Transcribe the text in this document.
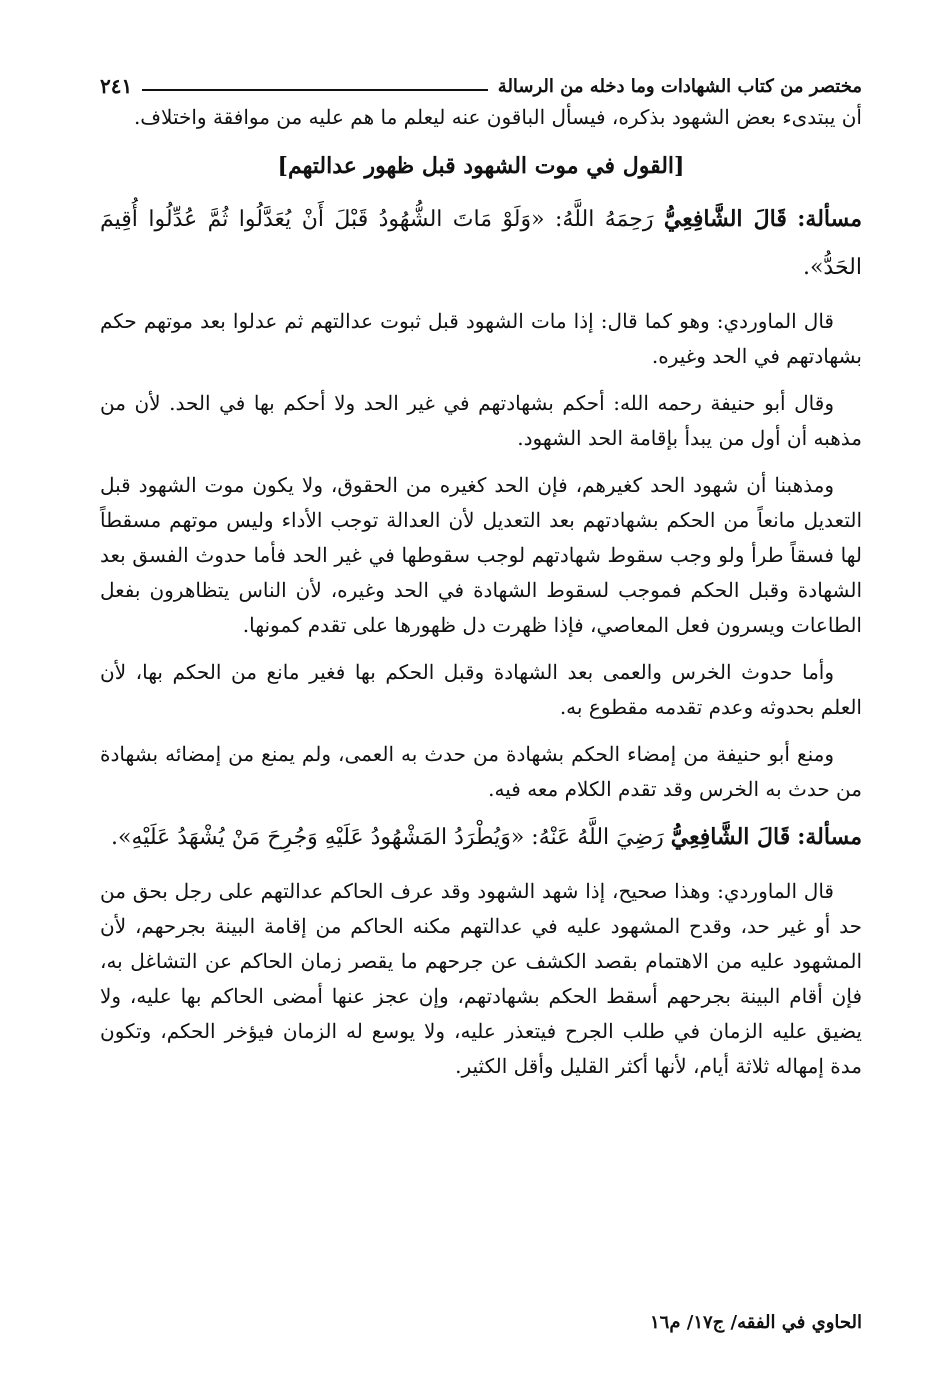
مختصر من كتاب الشهادات وما دخله من الرسالة
٢٤١

أن يبتدىء بعض الشهود بذكره، فيسأل الباقون عنه ليعلم ما هم عليه من موافقة واختلاف.

[القول في موت الشهود قبل ظهور عدالتهم]

مسألة: قَالَ الشَّافِعِيُّ رَحِمَهُ اللَّهُ: «وَلَوْ مَاتَ الشُّهُودُ قَبْلَ أَنْ يُعَدَّلُوا ثُمَّ عُدِّلُوا أُقِيمَ الحَدُّ».

قال الماوردي: وهو كما قال: إذا مات الشهود قبل ثبوت عدالتهم ثم عدلوا بعد موتهم حكم بشهادتهم في الحد وغيره.

وقال أبو حنيفة رحمه الله: أحكم بشهادتهم في غير الحد ولا أحكم بها في الحد. لأن من مذهبه أن أول من يبدأ بإقامة الحد الشهود.

ومذهبنا أن شهود الحد كغيرهم، فإن الحد كغيره من الحقوق، ولا يكون موت الشهود قبل التعديل مانعاً من الحكم بشهادتهم بعد التعديل لأن العدالة توجب الأداء وليس موتهم مسقطاً لها فسقاً طرأ ولو وجب سقوط شهادتهم لوجب سقوطها في غير الحد فأما حدوث الفسق بعد الشهادة وقبل الحكم فموجب لسقوط الشهادة في الحد وغيره، لأن الناس يتظاهرون بفعل الطاعات ويسرون فعل المعاصي، فإذا ظهرت دل ظهورها على تقدم كمونها.

وأما حدوث الخرس والعمى بعد الشهادة وقبل الحكم بها فغير مانع من الحكم بها، لأن العلم بحدوثه وعدم تقدمه مقطوع به.

ومنع أبو حنيفة من إمضاء الحكم بشهادة من حدث به العمى، ولم يمنع من إمضائه بشهادة من حدث به الخرس وقد تقدم الكلام معه فيه.

مسألة: قَالَ الشَّافِعِيُّ رَضِيَ اللَّهُ عَنْهُ: «وَيُطْرَدُ المَشْهُودُ عَلَيْهِ وَجُرِحَ مَنْ يُشْهَدُ عَلَيْهِ».

قال الماوردي: وهذا صحيح، إذا شهد الشهود وقد عرف الحاكم عدالتهم على رجل بحق من حد أو غير حد، وقدح المشهود عليه في عدالتهم مكنه الحاكم من إقامة البينة بجرحهم، لأن المشهود عليه من الاهتمام بقصد الكشف عن جرحهم ما يقصر زمان الحاكم عن التشاغل به، فإن أقام البينة بجرحهم أسقط الحكم بشهادتهم، وإن عجز عنها أمضى الحاكم بها عليه، ولا يضيق عليه الزمان في طلب الجرح فيتعذر عليه، ولا يوسع له الزمان فيؤخر الحكم، وتكون مدة إمهاله ثلاثة أيام، لأنها أكثر القليل وأقل الكثير.

الحاوي في الفقه/ ج١٧/ م١٦
